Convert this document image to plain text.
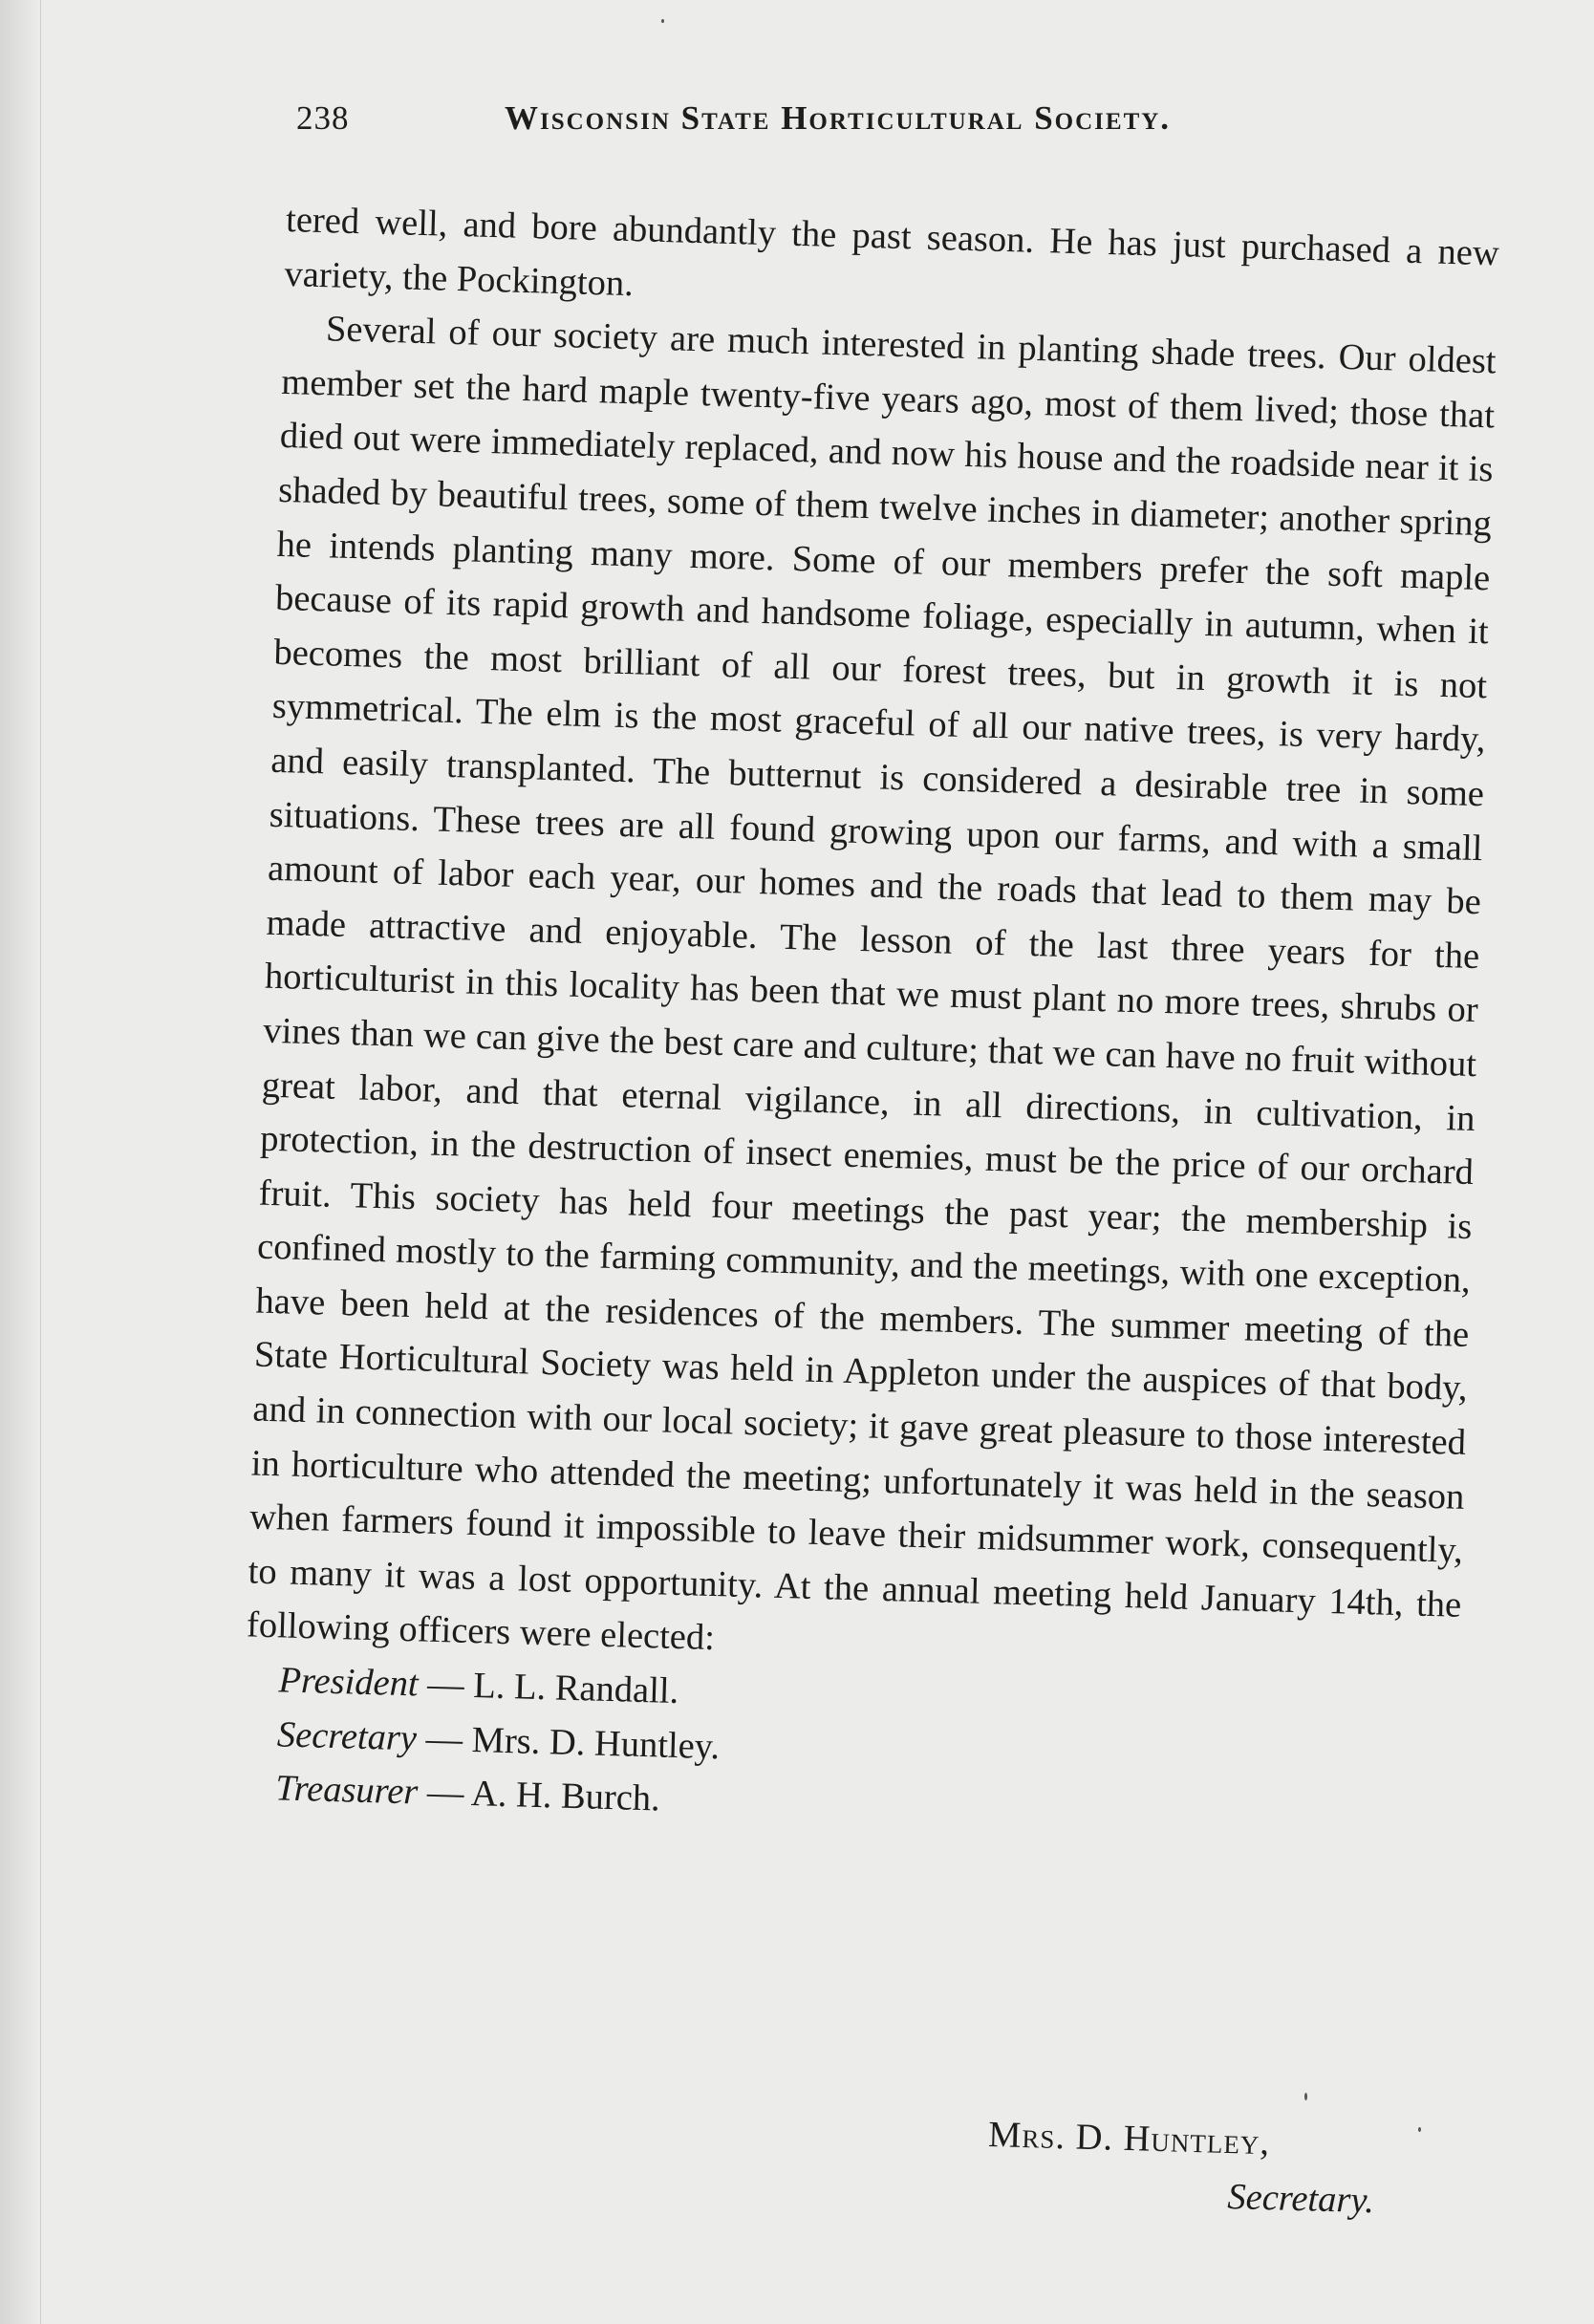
238	Wisconsin State Horticultural Society.

tered well, and bore abundantly the past season. He has just purchased a new variety, the Pockington.

Several of our society are much interested in planting shade trees. Our oldest member set the hard maple twenty-five years ago, most of them lived; those that died out were immediately replaced, and now his house and the roadside near it is shaded by beautiful trees, some of them twelve inches in diameter; another spring he intends planting many more. Some of our members prefer the soft maple because of its rapid growth and handsome foliage, especially in autumn, when it becomes the most brilliant of all our forest trees, but in growth it is not symmetrical. The elm is the most graceful of all our native trees, is very hardy, and easily transplanted. The butternut is considered a desirable tree in some situations. These trees are all found growing upon our farms, and with a small amount of labor each year, our homes and the roads that lead to them may be made attractive and enjoyable. The lesson of the last three years for the horticulturist in this locality has been that we must plant no more trees, shrubs or vines than we can give the best care and culture; that we can have no fruit without great labor, and that eternal vigilance, in all directions, in cultivation, in protection, in the destruction of insect enemies, must be the price of our orchard fruit. This society has held four meetings the past year; the membership is confined mostly to the farming community, and the meetings, with one exception, have been held at the residences of the members. The summer meeting of the State Horticultural Society was held in Appleton under the auspices of that body, and in connection with our local society; it gave great pleasure to those interested in horticulture who attended the meeting; unfortunately it was held in the season when farmers found it impossible to leave their midsummer work, consequently, to many it was a lost opportunity. At the annual meeting held January 14th, the following officers were elected:

President — L. L. Randall.
Secretary — Mrs. D. Huntley.
Treasurer — A. H. Burch.
Mrs. D. Huntley,
Secretary.
